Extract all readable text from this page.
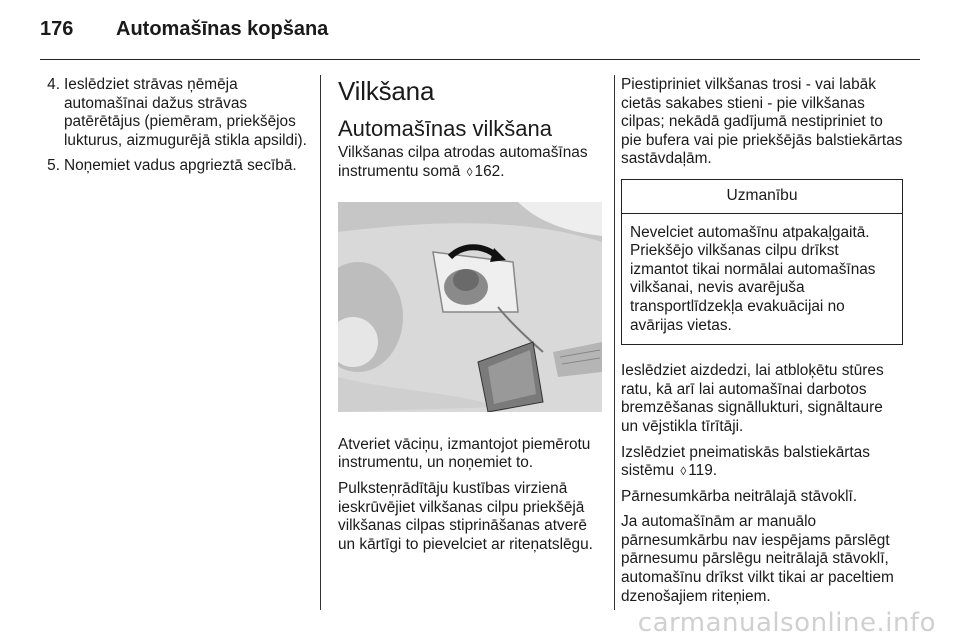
176	Automašīnas kopšana
4. Ieslēdziet strāvas ņēmēja automašīnai dažus strāvas patērētājus (piemēram, priekšējos lukturus, aizmugurējā stikla apsildi).
5. Noņemiet vadus apgrieztā secībā.
Vilkšana
Automašīnas vilkšana

Vilkšanas cilpa atrodas automašīnas instrumentu somā ◊ 162.

Atveriet vāciņu, izmantojot piemērotu instrumentu, un noņemiet to.

Pulksteņrādītāju kustības virzienā ieskrūvējiet vilkšanas cilpu priekšējā vilkšanas cilpas stiprināšanas atverē un kārtīgi to pievelciet ar riteņatslēgu.

Piestipriniet vilkšanas trosi - vai labāk cietās sakabes stieni - pie vilkšanas cilpas; nekādā gadījumā nestipriniet to pie bufera vai pie priekšējās balstiekārtas sastāvdaļām.

Uzmanību
Nevelciet automašīnu atpakaļgaitā. Priekšējo vilkšanas cilpu drīkst izmantot tikai normālai automašīnas vilkšanai, nevis avarējuša transportlīdzekļa evakuācijai no avārijas vietas.

Ieslēdziet aizdedzi, lai atbloķētu stūres ratu, kā arī lai automašīnai darbotos bremzēšanas signāllukturi, signāltaure un vējstikla tīrītāji.

Izslēdziet pneimatiskās balstiekārtas sistēmu ◊ 119.

Pārnesumkārba neitrālajā stāvoklī.

Ja automašīnām ar manuālo pārnesumkārbu nav iespējams pārslēgt pārnesumu pārslēgu neitrālajā stāvoklī, automašīnu drīkst vilkt tikai ar paceltiem dzenošajiem riteņiem.

carmanualsonline.info
